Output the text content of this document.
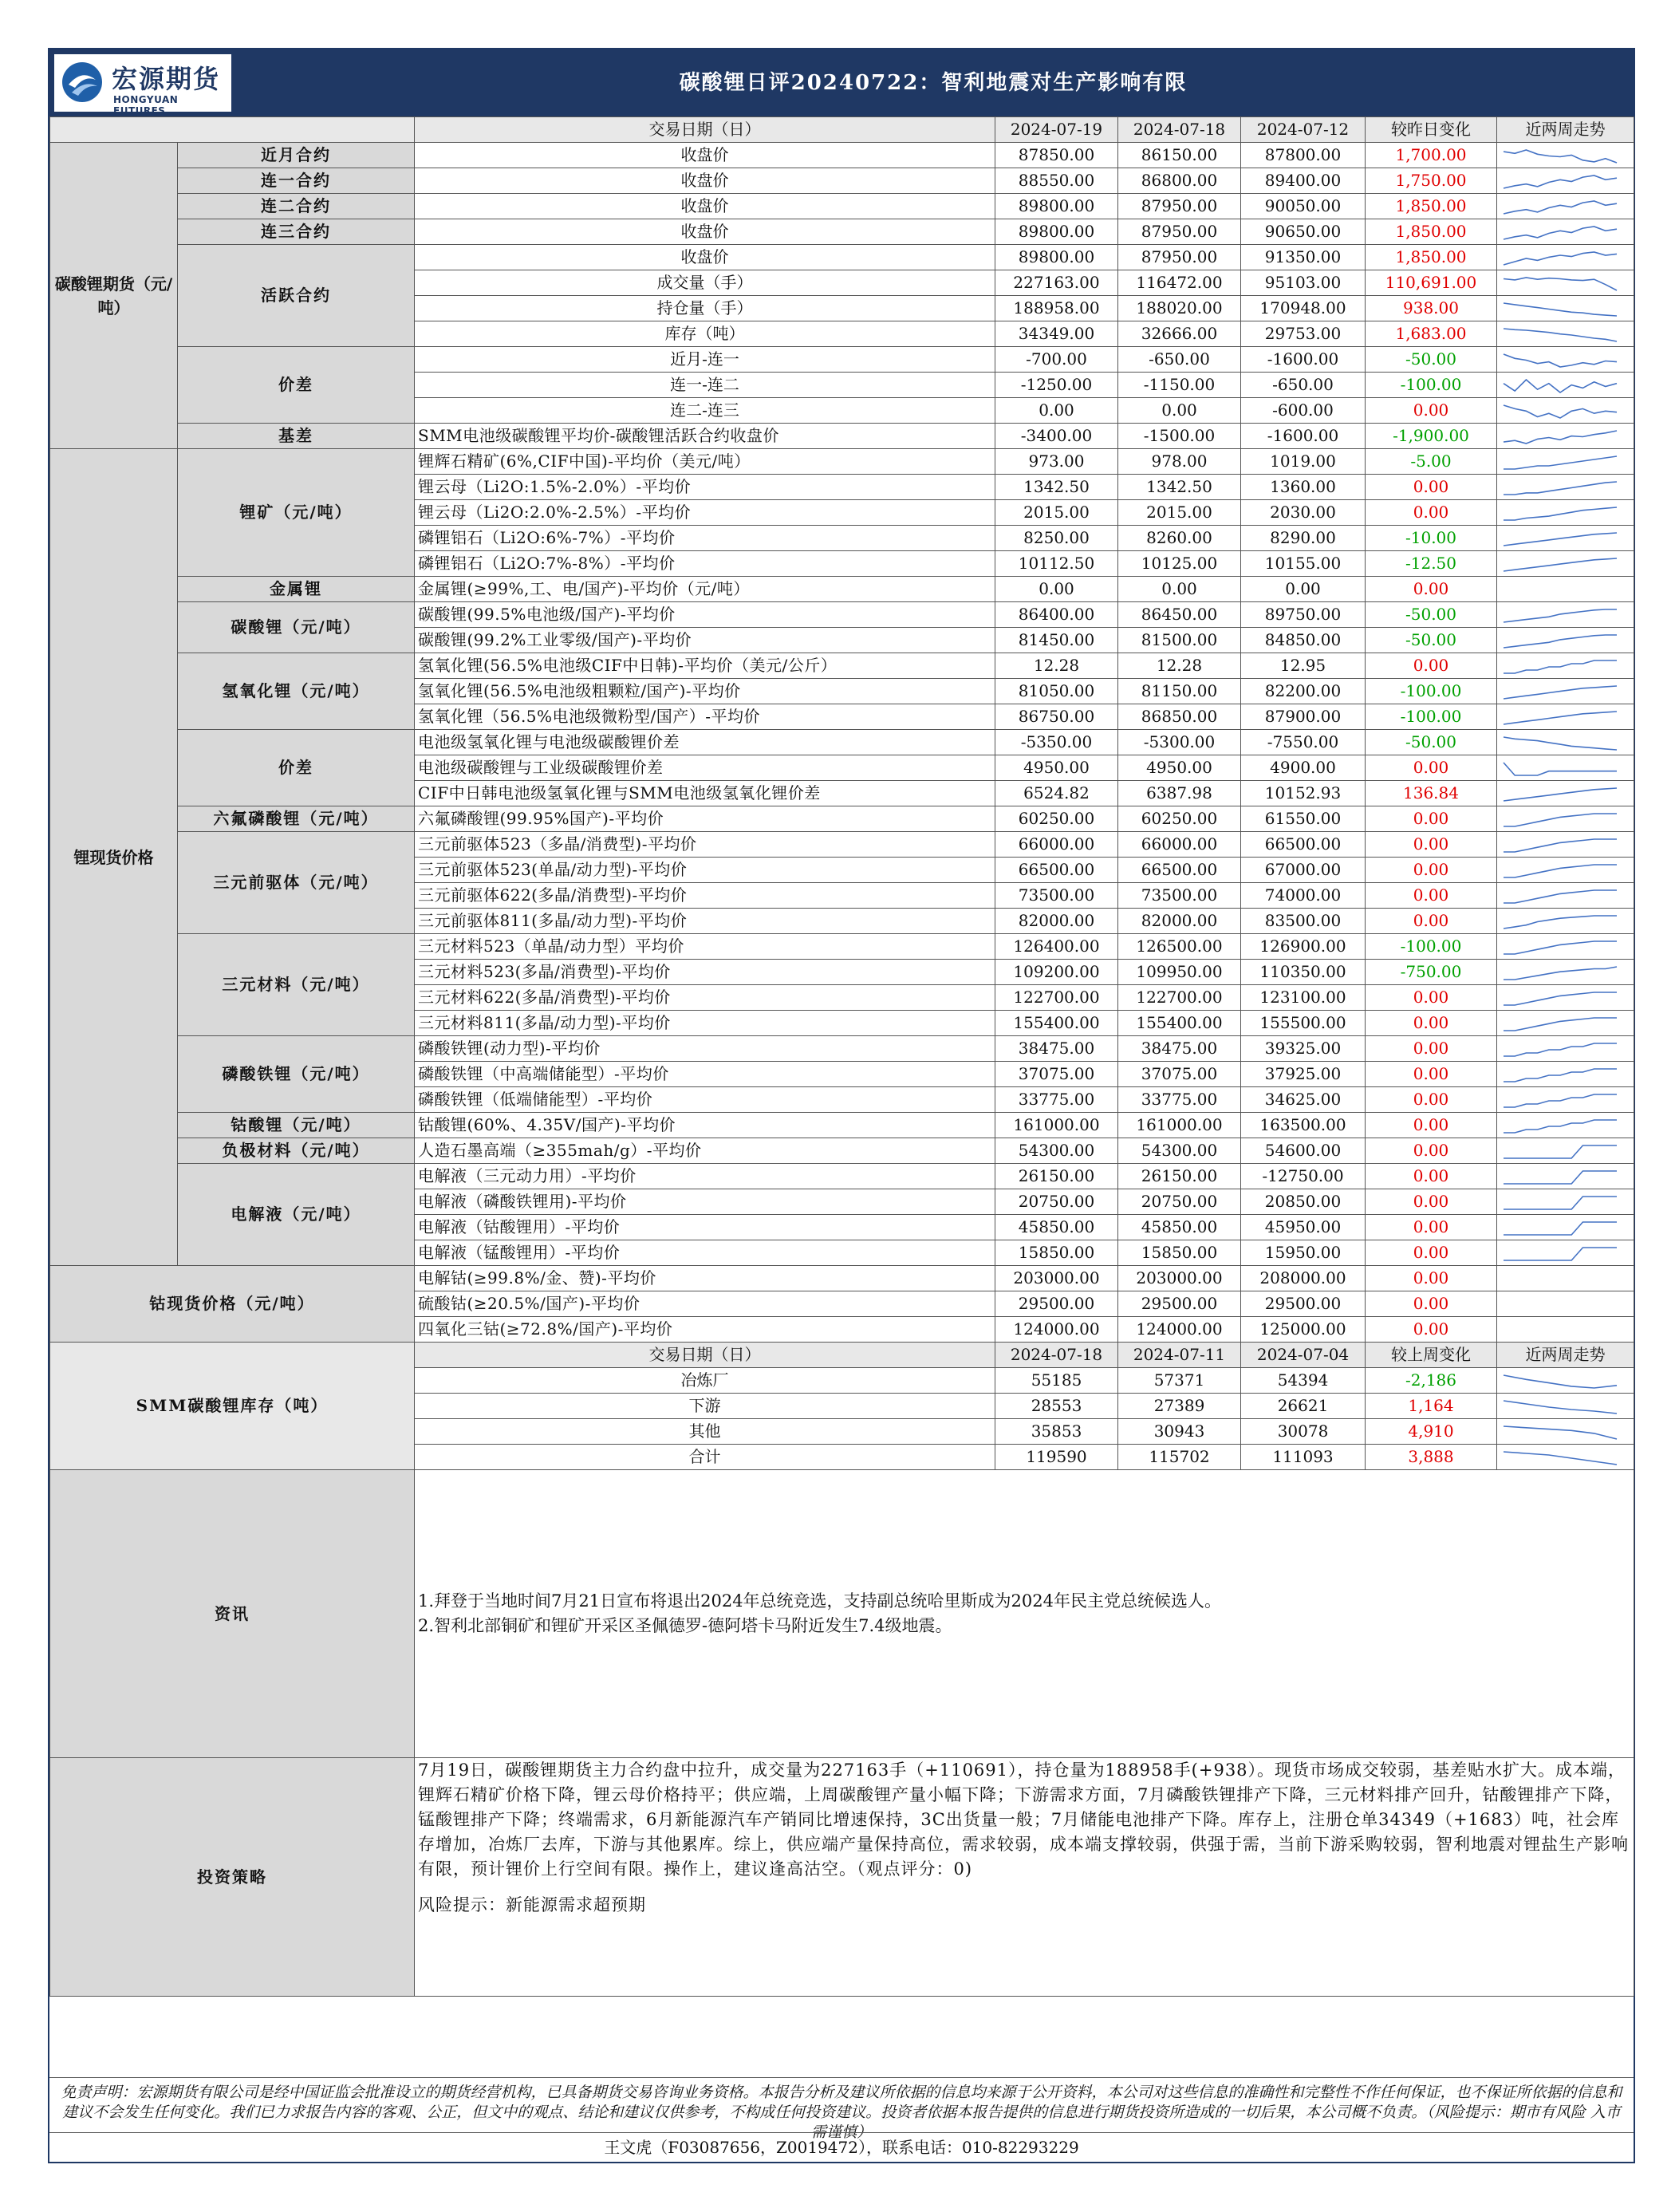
宏源期货
HONGYUAN FUTURES
碳酸锂日评20240722：智利地震对生产影响有限
		交易日期（日）	2024-07-19	2024-07-18	2024-07-12	较昨日变化	近两周走势
碳酸锂期货（元/吨）	近月合约	收盘价	87850.00	86150.00	87800.00	1,700.00	

	连一合约	收盘价	88550.00	86800.00	89400.00	1,750.00	

	连二合约	收盘价	89800.00	87950.00	90050.00	1,850.00	

	连三合约	收盘价	89800.00	87950.00	90650.00	1,850.00	

	活跃合约	收盘价	89800.00	87950.00	91350.00	1,850.00	

		成交量（手）	227163.00	116472.00	95103.00	110,691.00	

		持仓量（手）	188958.00	188020.00	170948.00	938.00	

		库存（吨）	34349.00	32666.00	29753.00	1,683.00	

	价差	近月-连一	-700.00	-650.00	-1600.00	-50.00	

		连一-连二	-1250.00	-1150.00	-650.00	-100.00	

		连二-连三	0.00	0.00	-600.00	0.00	

	基差	SMM电池级碳酸锂平均价-碳酸锂活跃合约收盘价	-3400.00	-1500.00	-1600.00	-1,900.00	

锂现货价格	锂矿（元/吨）	锂辉石精矿(6%,CIF中国)-平均价（美元/吨）	973.00	978.00	1019.00	-5.00	

		锂云母（Li2O:1.5%-2.0%）-平均价	1342.50	1342.50	1360.00	0.00	

		锂云母（Li2O:2.0%-2.5%）-平均价	2015.00	2015.00	2030.00	0.00	

		磷锂铝石（Li2O:6%-7%）-平均价	8250.00	8260.00	8290.00	-10.00	

		磷锂铝石（Li2O:7%-8%）-平均价	10112.50	10125.00	10155.00	-12.50	

	金属锂	金属锂(≥99%,工、电/国产)-平均价（元/吨）	0.00	0.00	0.00	0.00	
	碳酸锂（元/吨）	碳酸锂(99.5%电池级/国产)-平均价	86400.00	86450.00	89750.00	-50.00	

		碳酸锂(99.2%工业零级/国产)-平均价	81450.00	81500.00	84850.00	-50.00	

	氢氧化锂（元/吨）	氢氧化锂(56.5%电池级CIF中日韩)-平均价（美元/公斤）	12.28	12.28	12.95	0.00	

		氢氧化锂(56.5%电池级粗颗粒/国产)-平均价	81050.00	81150.00	82200.00	-100.00	

		氢氧化锂（56.5%电池级微粉型/国产）-平均价	86750.00	86850.00	87900.00	-100.00	

	价差	电池级氢氧化锂与电池级碳酸锂价差	-5350.00	-5300.00	-7550.00	-50.00	

		电池级碳酸锂与工业级碳酸锂价差	4950.00	4950.00	4900.00	0.00	

		CIF中日韩电池级氢氧化锂与SMM电池级氢氧化锂价差	6524.82	6387.98	10152.93	136.84	

	六氟磷酸锂（元/吨）	六氟磷酸锂(99.95%国产)-平均价	60250.00	60250.00	61550.00	0.00	

	三元前驱体（元/吨）	三元前驱体523（多晶/消费型)-平均价	66000.00	66000.00	66500.00	0.00	

		三元前驱体523(单晶/动力型)-平均价	66500.00	66500.00	67000.00	0.00	

		三元前驱体622(多晶/消费型)-平均价	73500.00	73500.00	74000.00	0.00	

		三元前驱体811(多晶/动力型)-平均价	82000.00	82000.00	83500.00	0.00	

	三元材料（元/吨）	三元材料523（单晶/动力型）平均价	126400.00	126500.00	126900.00	-100.00	

		三元材料523(多晶/消费型)-平均价	109200.00	109950.00	110350.00	-750.00	

		三元材料622(多晶/消费型)-平均价	122700.00	122700.00	123100.00	0.00	

		三元材料811(多晶/动力型)-平均价	155400.00	155400.00	155500.00	0.00	

	磷酸铁锂（元/吨）	磷酸铁锂(动力型)-平均价	38475.00	38475.00	39325.00	0.00	

		磷酸铁锂（中高端储能型）-平均价	37075.00	37075.00	37925.00	0.00	

		磷酸铁锂（低端储能型）-平均价	33775.00	33775.00	34625.00	0.00	

	钴酸锂（元/吨）	钴酸锂(60%、4.35V/国产)-平均价	161000.00	161000.00	163500.00	0.00	

	负极材料（元/吨）	人造石墨高端（≥355mah/g）-平均价	54300.00	54300.00	54600.00	0.00	

	电解液（元/吨）	电解液（三元动力用）-平均价	26150.00	26150.00	-12750.00	0.00	

		电解液（磷酸铁锂用)-平均价	20750.00	20750.00	20850.00	0.00	

		电解液（钴酸锂用）-平均价	45850.00	45850.00	45950.00	0.00	

		电解液（锰酸锂用）-平均价	15850.00	15850.00	15950.00	0.00	

钴现货价格（元/吨）		电解钴(≥99.8%/金、赞)-平均价	203000.00	203000.00	208000.00	0.00	
		硫酸钴(≥20.5%/国产)-平均价	29500.00	29500.00	29500.00	0.00	
		四氧化三钴(≥72.8%/国产)-平均价	124000.00	124000.00	125000.00	0.00	
SMM碳酸锂库存（吨）		交易日期（日）	2024-07-18	2024-07-11	2024-07-04	较上周变化	近两周走势
		冶炼厂	55185	57371	54394	-2,186	

		下游	28553	27389	26621	1,164	

		其他	35853	30943	30078	4,910	

		合计	119590	115702	111093	3,888	

资讯		1.拜登于当地时间7月21日宣布将退出2024年总统竞选，支持副总统哈里斯成为2024年民主党总统候选人。
2.智利北部铜矿和锂矿开采区圣佩德罗-德阿塔卡马附近发生7.4级地震。					

投资策略		7月19日，碳酸锂期货主力合约盘中拉升，成交量为227163手（+110691），持仓量为188958手(+938）。现货市场成交较弱，基差贴水扩大。成本端，锂辉石精矿价格下降，锂云母价格持平；供应端，上周碳酸锂产量小幅下降；下游需求方面，7月磷酸铁锂排产下降，三元材料排产回升，钴酸锂排产下降，锰酸锂排产下降；终端需求，6月新能源汽车产销同比增速保持，3C出货量一般；7月储能电池排产下降。库存上，注册仓单34349（+1683）吨，社会库存增加，冶炼厂去库，下游与其他累库。综上，供应端产量保持高位，需求较弱，成本端支撑较弱，供强于需，当前下游采购较弱，智利地震对锂盐生产影响有限，预计锂价上行空间有限。操作上，建议逢高沽空。（观点评分：0)
风险提示：新能源需求超预期					
免责声明：宏源期货有限公司是经中国证监会批准设立的期货经营机构，已具备期货交易咨询业务资格。本报告分析及建议所依据的信息均来源于公开资料，本公司对这些信息的准确性和完整性不作任何保证，也不保证所依据的信息和建议不会发生任何变化。我们已力求报告内容的客观、公正，但文中的观点、结论和建议仅供参考，不构成任何投资建议。投资者依据本报告提供的信息进行期货投资所造成的一切后果，本公司概不负责。（风险提示：期市有风险 入市需谨慎）
王文虎（F03087656，Z0019472），联系电话：010-82293229
